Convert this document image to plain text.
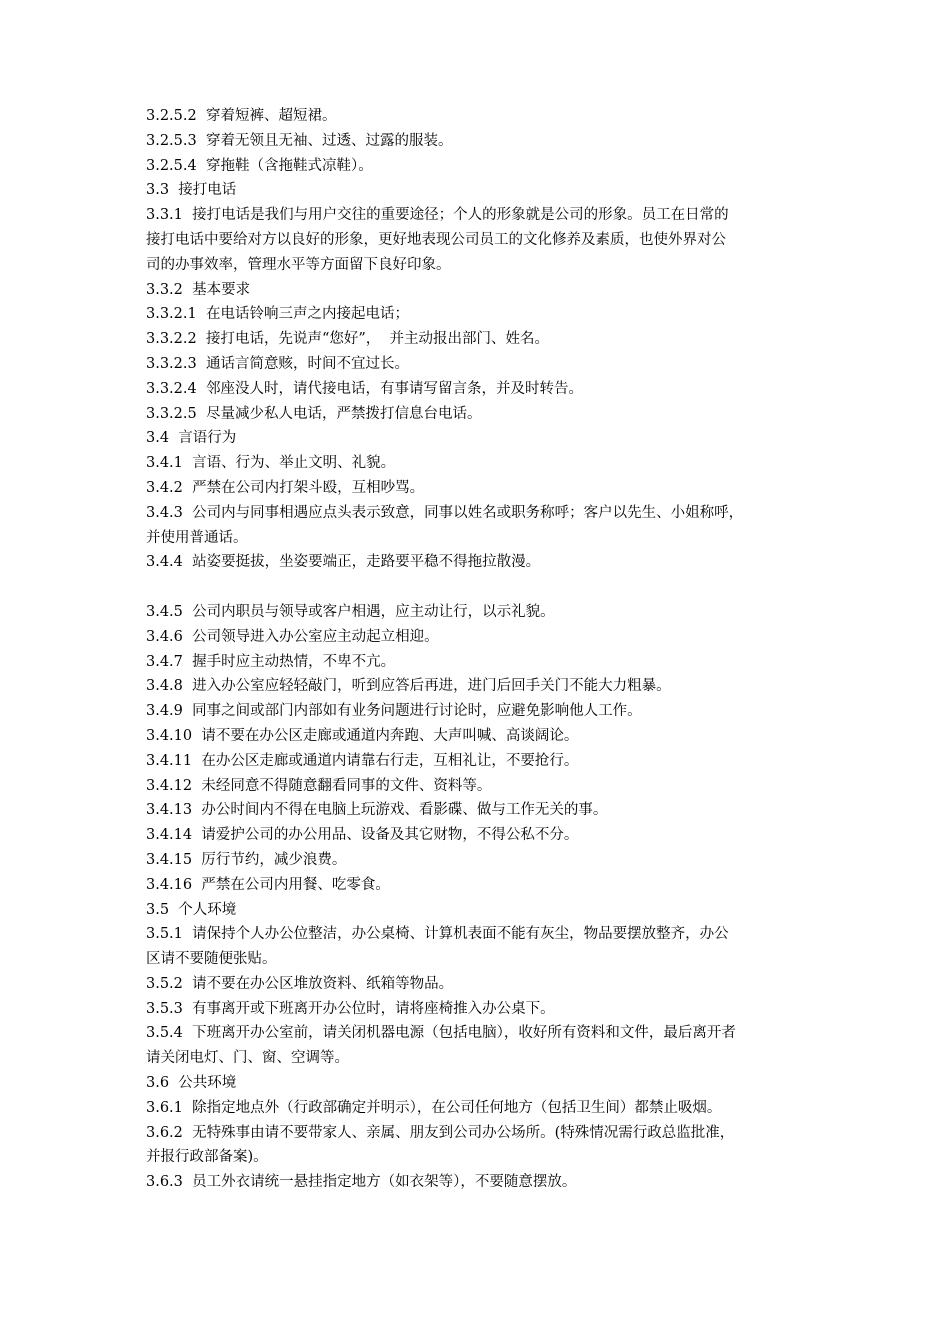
3.2.5.2  穿着短裤、超短裙。
3.2.5.3  穿着无领且无袖、过透、过露的服装。
3.2.5.4  穿拖鞋（含拖鞋式凉鞋）。
3.3  接打电话
3.3.1  接打电话是我们与用户交往的重要途径；个人的形象就是公司的形象。员工在日常的
接打电话中要给对方以良好的形象，更好地表现公司员工的文化修养及素质，也使外界对公
司的办事效率，管理水平等方面留下良好印象。
3.3.2  基本要求
3.3.2.1  在电话铃响三声之内接起电话；
3.3.2.2  接打电话，先说声“您好”，  并主动报出部门、姓名。
3.3.2.3  通话言简意赅，时间不宜过长。
3.3.2.4  邻座没人时，请代接电话，有事请写留言条，并及时转告。
3.3.2.5  尽量减少私人电话，严禁拨打信息台电话。
3.4  言语行为
3.4.1  言语、行为、举止文明、礼貌。
3.4.2  严禁在公司内打架斗殴，互相吵骂。
3.4.3  公司内与同事相遇应点头表示致意，同事以姓名或职务称呼；客户以先生、小姐称呼，
并使用普通话。
3.4.4  站姿要挺拔，坐姿要端正，走路要平稳不得拖拉散漫。
3.4.5  公司内职员与领导或客户相遇，应主动让行，以示礼貌。
3.4.6  公司领导进入办公室应主动起立相迎。
3.4.7  握手时应主动热情，不卑不亢。
3.4.8  进入办公室应轻轻敲门，听到应答后再进，进门后回手关门不能大力粗暴。
3.4.9  同事之间或部门内部如有业务问题进行讨论时，应避免影响他人工作。
3.4.10  请不要在办公区走廊或通道内奔跑、大声叫喊、高谈阔论。
3.4.11  在办公区走廊或通道内请靠右行走，互相礼让，不要抢行。
3.4.12  未经同意不得随意翻看同事的文件、资料等。
3.4.13  办公时间内不得在电脑上玩游戏、看影碟、做与工作无关的事。
3.4.14  请爱护公司的办公用品、设备及其它财物，不得公私不分。
3.4.15  厉行节约，减少浪费。
3.4.16  严禁在公司内用餐、吃零食。
3.5  个人环境
3.5.1  请保持个人办公位整洁，办公桌椅、计算机表面不能有灰尘，物品要摆放整齐，办公
区请不要随便张贴。
3.5.2  请不要在办公区堆放资料、纸箱等物品。
3.5.3  有事离开或下班离开办公位时，请将座椅推入办公桌下。
3.5.4  下班离开办公室前，请关闭机器电源（包括电脑），收好所有资料和文件，最后离开者
请关闭电灯、门、窗、空调等。
3.6  公共环境
3.6.1  除指定地点外（行政部确定并明示），在公司任何地方（包括卫生间）都禁止吸烟。
3.6.2  无特殊事由请不要带家人、亲属、朋友到公司办公场所。(特殊情况需行政总监批准，
并报行政部备案)。
3.6.3  员工外衣请统一悬挂指定地方（如衣架等），不要随意摆放。
